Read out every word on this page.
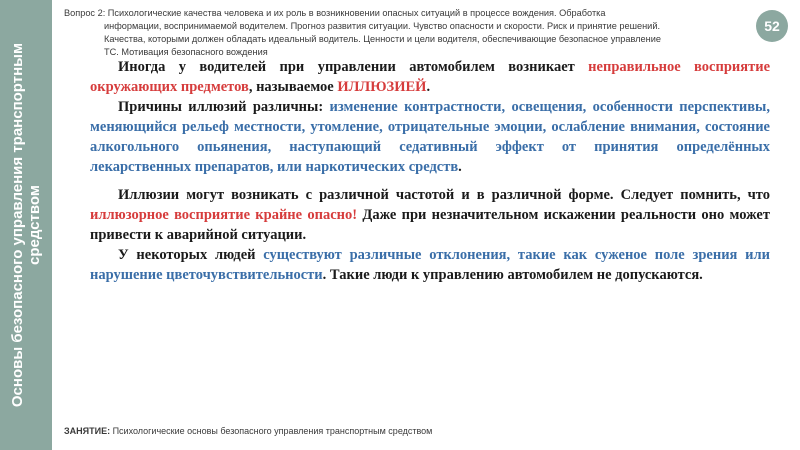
Основы безопасного управления транспортным средством
Вопрос 2: Психологические качества человека и их роль в возникновении опасных ситуаций в процессе вождения. Обработка
информации, воспринимаемой водителем. Прогноз развития ситуации. Чувство опасности и скорости. Риск и принятие решений.
Качества, которыми должен обладать идеальный водитель. Ценности и цели водителя, обеспечивающие безопасное управление
ТС. Мотивация безопасного вождения
52

Иногда у водителей при управлении автомобилем возникает неправильное восприятие окружающих предметов, называемое ИЛЛЮЗИЕЙ.

Причины иллюзий различны: изменение контрастности, освещения, особенности перспективы, меняющийся рельеф местности, утомление, отрицательные эмоции, ослабление внимания, состояние алкогольного опьянения, наступающий седативный эффект от принятия определённых лекарственных препаратов, или наркотических средств.

Иллюзии могут возникать с различной частотой и в различной форме. Следует помнить, что иллюзорное восприятие крайне опасно! Даже при незначительном искажении реальности оно может привести к аварийной ситуации.

У некоторых людей существуют различные отклонения, такие как суженое поле зрения или нарушение цветочувствительности. Такие люди к управлению автомобилем не допускаются.

ЗАНЯТИЕ: Психологические основы безопасного управления транспортным средством
